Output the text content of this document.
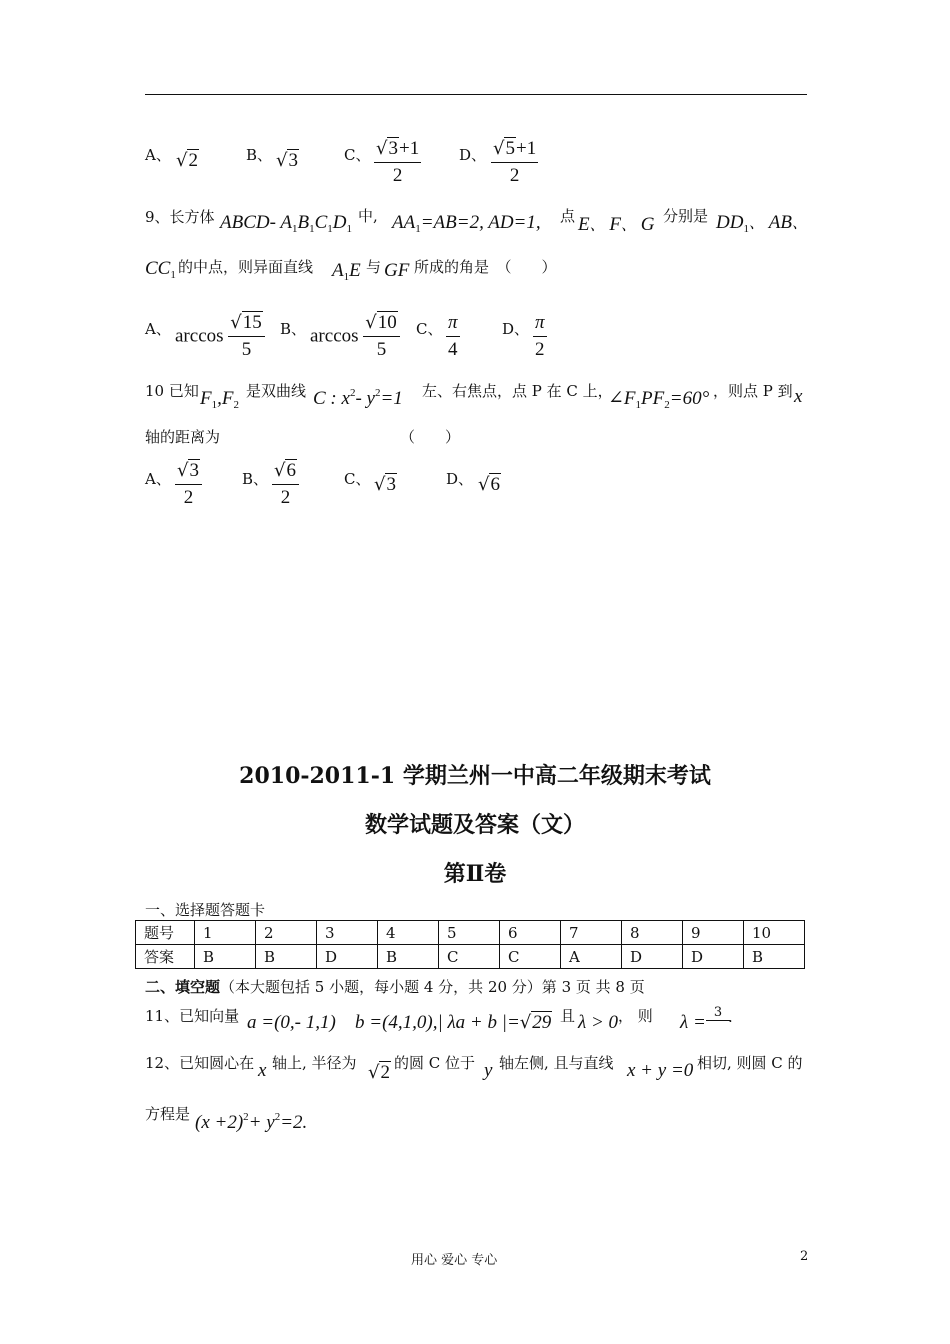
A、 √2	B、 √3	C、 $\frac{√3+1}{2}$	D、 $\frac{√5+1}{2}$
9、长方体 ABCD- $A_1B_1C_1D_1$
中, $AA_1=AB=2$, AD=1, 点 E、 F、 G 分别是 $DD_1$、 AB、
$CC_1$ 的中点，则异面直线 $A_1E$ 与 GF 所成的角是　（　　）
A、 $\arccos \frac{√15}{5}$ B、 $\arccos \frac{√10}{5}$ C、 $\frac{\pi}{4}$	D、 $\frac{\pi}{2}$
10 已知 $F_1,F_2$
是双曲线 C : $x^2-$ $y^2=1$ 左、右焦点，点 P 在 C 上，
$\angle F_1PF_2=60^\circ$ ，则点 P 到 x
轴的距离为	（　　）
A、 $\frac{√3}{2}$	B、 $\frac{√6}{2}$	C、 √3	D、 √6
2010-2011-1 学期兰州一中高二年级期末考试
数学试题及答案（文）
第Ⅱ卷
一、选择题答题卡
题号	1	2	3	4	5	6	7	8	9	10
答案	B	B	D	B	C	C	A	D	D	B
二、填空题（本大题包括 5 小题，每小题 4 分，共 20 分）第 3 页 共 8 页
11、已知向量 a =(0,- 1,1) b =(4,1,0),| λa + b |=√29 且 λ > 0 ， 则 λ = 3 .
12、已知圆心在 x 轴上, 半径为 √2 的圆 C 位于 y 轴左侧, 且与直线 x + y =0 相切, 则圆 C 的
方程是 $(x +2)^2+ y^2=2$.
用心 爱心 专心	2
